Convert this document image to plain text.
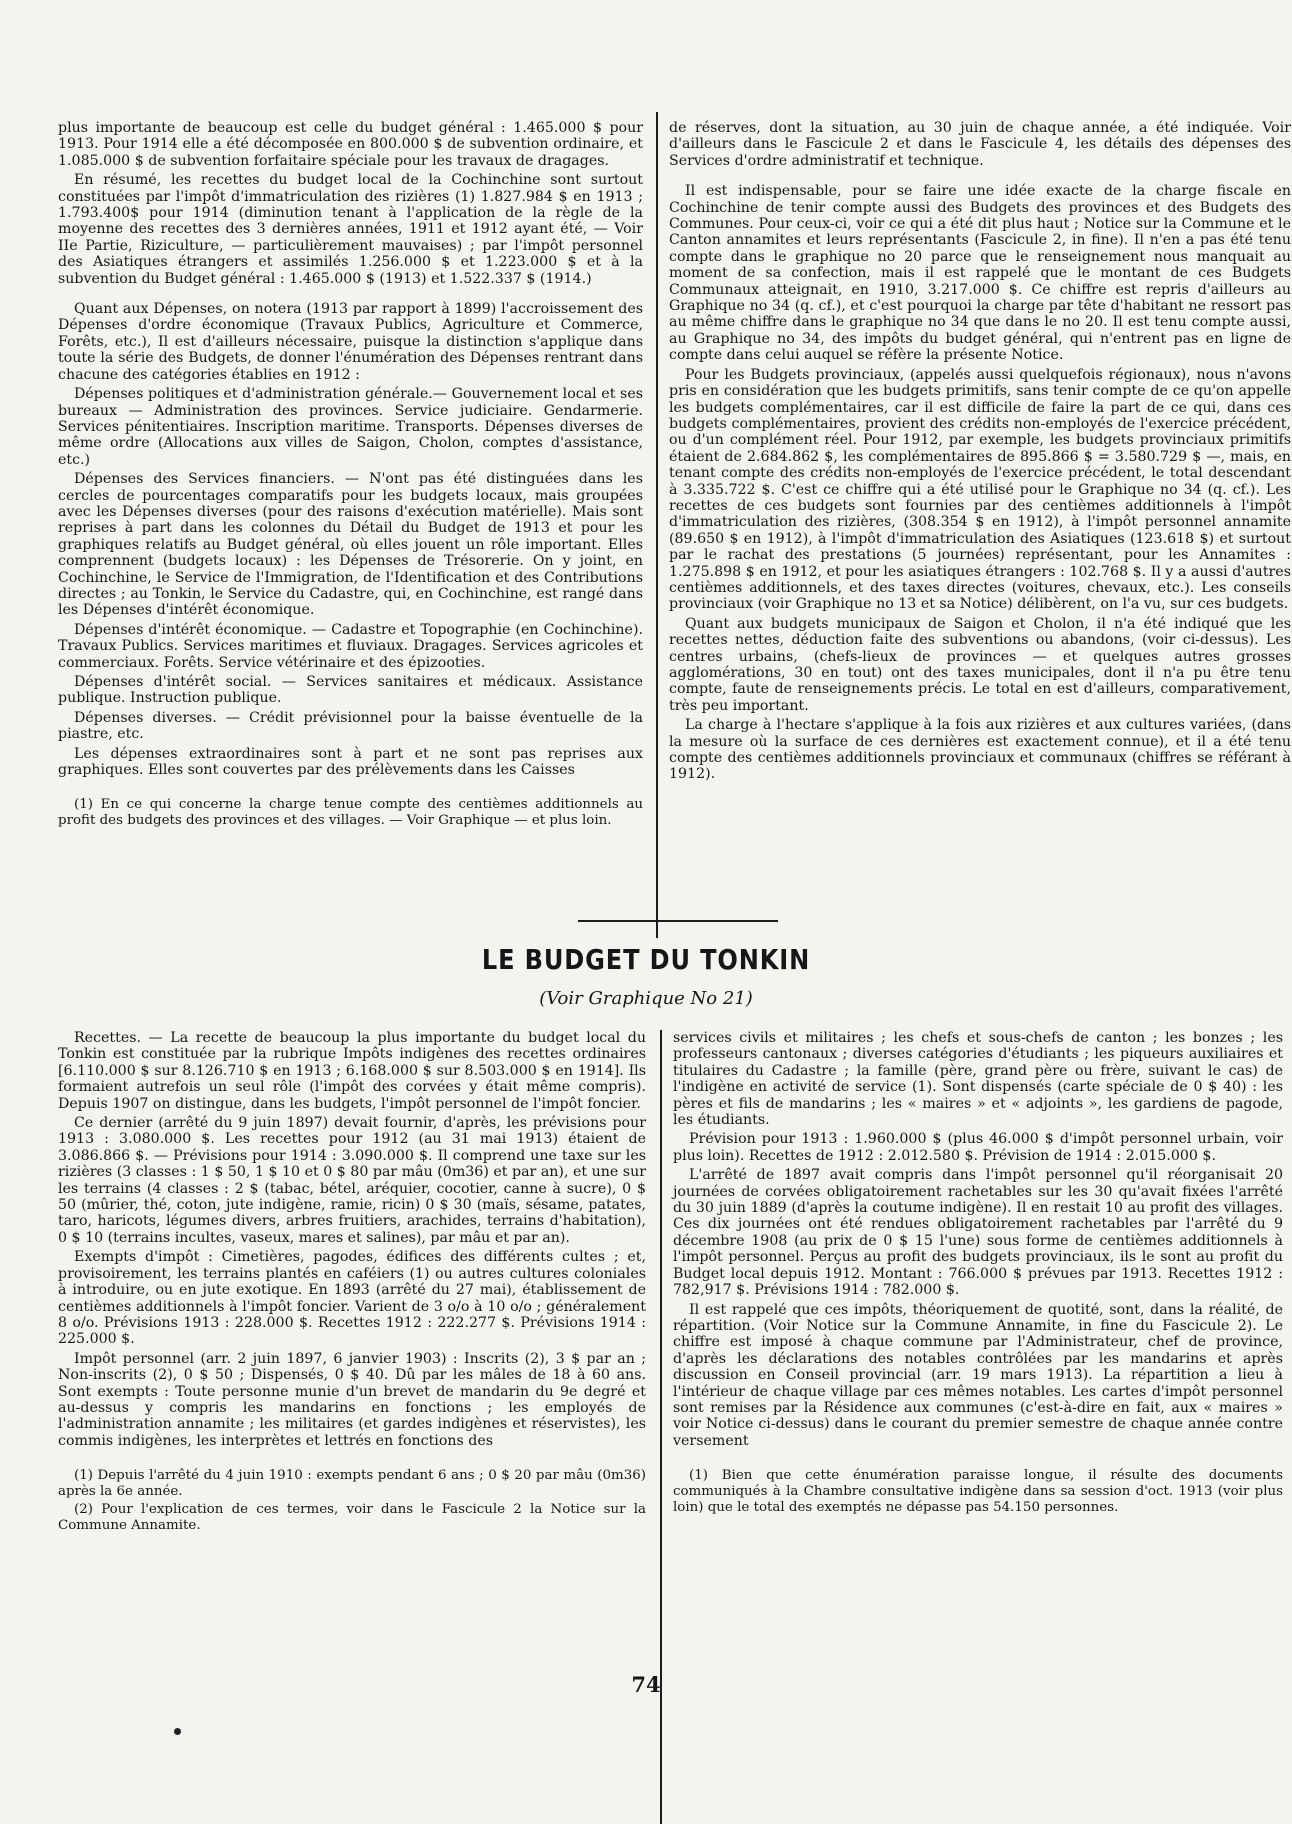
plus importante de beaucoup est celle du budget général : 1.465.000 $ pour 1913. Pour 1914 elle a été décomposée en 800.000 $ de subvention ordinaire, et 1.085.000 $ de subvention forfaitaire spéciale pour les travaux de dragages.

En résumé, les recettes du budget local de la Cochinchine sont surtout constituées par l'impôt d'immatriculation des rizières (1) 1.827.984 $ en 1913 ; 1.793.400$ pour 1914 (diminution tenant à l'application de la règle de la moyenne des recettes des 3 dernières années, 1911 et 1912 ayant été, — Voir IIe Partie, Riziculture, — particulièrement mauvaises) ; par l'impôt personnel des Asiatiques étrangers et assimilés 1.256.000 $ et 1.223.000 $ et à la subvention du Budget général : 1.465.000 $ (1913) et 1.522.337 $ (1914.)

Quant aux Dépenses, on notera (1913 par rapport à 1899) l'accroissement des Dépenses d'ordre économique (Travaux Publics, Agriculture et Commerce, Forêts, etc.), Il est d'ailleurs nécessaire, puisque la distinction s'applique dans toute la série des Budgets, de donner l'énumération des Dépenses rentrant dans chacune des catégories établies en 1912 :

Dépenses politiques et d'administration générale.— Gouvernement local et ses bureaux — Administration des provinces. Service judiciaire. Gendarmerie. Services pénitentiaires. Inscription maritime. Transports. Dépenses diverses de même ordre (Allocations aux villes de Saigon, Cholon, comptes d'assistance, etc.)

Dépenses des Services financiers. — N'ont pas été distinguées dans les cercles de pourcentages comparatifs pour les budgets locaux, mais groupées avec les Dépenses diverses (pour des raisons d'exécution matérielle). Mais sont reprises à part dans les colonnes du Détail du Budget de 1913 et pour les graphiques relatifs au Budget général, où elles jouent un rôle important. Elles comprennent (budgets locaux) : les Dépenses de Trésorerie. On y joint, en Cochinchine, le Service de l'Immigration, de l'Identification et des Contributions directes ; au Tonkin, le Service du Cadastre, qui, en Cochinchine, est rangé dans les Dépenses d'intérêt économique.

Dépenses d'intérêt économique. — Cadastre et Topographie (en Cochinchine). Travaux Publics. Services maritimes et fluviaux. Dragages. Services agricoles et commerciaux. Forêts. Service vétérinaire et des épizooties.

Dépenses d'intérêt social. — Services sanitaires et médicaux. Assistance publique. Instruction publique.

Dépenses diverses. — Crédit prévisionnel pour la baisse éventuelle de la piastre, etc.

Les dépenses extraordinaires sont à part et ne sont pas reprises aux graphiques. Elles sont couvertes par des prélèvements dans les Caisses

(1) En ce qui concerne la charge tenue compte des centièmes additionnels au profit des budgets des provinces et des villages. — Voir Graphique — et plus loin.

de réserves, dont la situation, au 30 juin de chaque année, a été indiquée. Voir d'ailleurs dans le Fascicule 2 et dans le Fascicule 4, les détails des dépenses des Services d'ordre administratif et technique.

Il est indispensable, pour se faire une idée exacte de la charge fiscale en Cochinchine de tenir compte aussi des Budgets des provinces et des Budgets des Communes. Pour ceux-ci, voir ce qui a été dit plus haut ; Notice sur la Commune et le Canton annamites et leurs représentants (Fascicule 2, in fine). Il n'en a pas été tenu compte dans le graphique no 20 parce que le renseignement nous manquait au moment de sa confection, mais il est rappelé que le montant de ces Budgets Communaux atteignait, en 1910, 3.217.000 $. Ce chiffre est repris d'ailleurs au Graphique no 34 (q. cf.), et c'est pourquoi la charge par tête d'habitant ne ressort pas au même chiffre dans le graphique no 34 que dans le no 20. Il est tenu compte aussi, au Graphique no 34, des impôts du budget général, qui n'entrent pas en ligne de compte dans celui auquel se réfère la présente Notice.

Pour les Budgets provinciaux, (appelés aussi quelquefois régionaux), nous n'avons pris en considération que les budgets primitifs, sans tenir compte de ce qu'on appelle les budgets complémentaires, car il est difficile de faire la part de ce qui, dans ces budgets complémentaires, provient des crédits non-employés de l'exercice précédent, ou d'un complément réel. Pour 1912, par exemple, les budgets provinciaux primitifs étaient de 2.684.862 $, les complémentaires de 895.866 $ = 3.580.729 $ —, mais, en tenant compte des crédits non-employés de l'exercice précédent, le total descendant à 3.335.722 $. C'est ce chiffre qui a été utilisé pour le Graphique no 34 (q. cf.). Les recettes de ces budgets sont fournies par des centièmes additionnels à l'impôt d'immatriculation des rizières, (308.354 $ en 1912), à l'impôt personnel annamite (89.650 $ en 1912), à l'impôt d'immatriculation des Asiatiques (123.618 $) et surtout par le rachat des prestations (5 journées) représentant, pour les Annamites : 1.275.898 $ en 1912, et pour les asiatiques étrangers : 102.768 $. Il y a aussi d'autres centièmes additionnels, et des taxes directes (voitures, chevaux, etc.). Les conseils provinciaux (voir Graphique no 13 et sa Notice) délibèrent, on l'a vu, sur ces budgets.

Quant aux budgets municipaux de Saigon et Cholon, il n'a été indiqué que les recettes nettes, déduction faite des subventions ou abandons, (voir ci-dessus). Les centres urbains, (chefs-lieux de provinces — et quelques autres grosses agglomérations, 30 en tout) ont des taxes municipales, dont il n'a pu être tenu compte, faute de renseignements précis. Le total en est d'ailleurs, comparativement, très peu important.

La charge à l'hectare s'applique à la fois aux rizières et aux cultures variées, (dans la mesure où la surface de ces dernières est exactement connue), et il a été tenu compte des centièmes additionnels provinciaux et communaux (chiffres se référant à 1912).

LE BUDGET DU TONKIN
(Voir Graphique No 21)

Recettes. — La recette de beaucoup la plus importante du budget local du Tonkin est constituée par la rubrique Impôts indigènes des recettes ordinaires [6.110.000 $ sur 8.126.710 $ en 1913 ; 6.168.000 $ sur 8.503.000 $ en 1914]. Ils formaient autrefois un seul rôle (l'impôt des corvées y était même compris). Depuis 1907 on distingue, dans les budgets, l'impôt personnel de l'impôt foncier.

Ce dernier (arrêté du 9 juin 1897) devait fournir, d'après, les prévisions pour 1913 : 3.080.000 $. Les recettes pour 1912 (au 31 mai 1913) étaient de 3.086.866 $. — Prévisions pour 1914 : 3.090.000 $. Il comprend une taxe sur les rizières (3 classes : 1 $ 50, 1 $ 10 et 0 $ 80 par mâu (0m36) et par an), et une sur les terrains (4 classes : 2 $ (tabac, bétel, aréquier, cocotier, canne à sucre), 0 $ 50 (mûrier, thé, coton, jute indigène, ramie, ricin) 0 $ 30 (maïs, sésame, patates, taro, haricots, légumes divers, arbres fruitiers, arachides, terrains d'habitation), 0 $ 10 (terrains incultes, vaseux, mares et salines), par mâu et par an).

Exempts d'impôt : Cimetières, pagodes, édifices des différents cultes ; et, provisoirement, les terrains plantés en caféiers (1) ou autres cultures coloniales à introduire, ou en jute exotique. En 1893 (arrêté du 27 mai), établissement de centièmes additionnels à l'impôt foncier. Varient de 3 o/o à 10 o/o ; généralement 8 o/o. Prévisions 1913 : 228.000 $. Recettes 1912 : 222.277 $. Prévisions 1914 : 225.000 $.

Impôt personnel (arr. 2 juin 1897, 6 janvier 1903) : Inscrits (2), 3 $ par an ; Non-inscrits (2), 0 $ 50 ; Dispensés, 0 $ 40. Dû par les mâles de 18 à 60 ans. Sont exempts : Toute personne munie d'un brevet de mandarin du 9e degré et au-dessus y compris les mandarins en fonctions ; les employés de l'administration annamite ; les militaires (et gardes indigènes et réservistes), les commis indigènes, les interprètes et lettrés en fonctions des

(1) Depuis l'arrêté du 4 juin 1910 : exempts pendant 6 ans ; 0 $ 20 par mâu (0m36) après la 6e année.

(2) Pour l'explication de ces termes, voir dans le Fascicule 2 la Notice sur la Commune Annamite.

services civils et militaires ; les chefs et sous-chefs de canton ; les bonzes ; les professeurs cantonaux ; diverses catégories d'étudiants ; les piqueurs auxiliaires et titulaires du Cadastre ; la famille (père, grand père ou frère, suivant le cas) de l'indigène en activité de service (1). Sont dispensés (carte spéciale de 0 $ 40) : les pères et fils de mandarins ; les « maires » et « adjoints », les gardiens de pagode, les étudiants.

Prévision pour 1913 : 1.960.000 $ (plus 46.000 $ d'impôt personnel urbain, voir plus loin). Recettes de 1912 : 2.012.580 $. Prévision de 1914 : 2.015.000 $.

L'arrêté de 1897 avait compris dans l'impôt personnel qu'il réorganisait 20 journées de corvées obligatoirement rachetables sur les 30 qu'avait fixées l'arrêté du 30 juin 1889 (d'après la coutume indigène). Il en restait 10 au profit des villages. Ces dix journées ont été rendues obligatoirement rachetables par l'arrêté du 9 décembre 1908 (au prix de 0 $ 15 l'une) sous forme de centièmes additionnels à l'impôt personnel. Perçus au profit des budgets provinciaux, ils le sont au profit du Budget local depuis 1912. Montant : 766.000 $ prévues par 1913. Recettes 1912 : 782,917 $. Prévisions 1914 : 782.000 $.

Il est rappelé que ces impôts, théoriquement de quotité, sont, dans la réalité, de répartition. (Voir Notice sur la Commune Annamite, in fine du Fascicule 2). Le chiffre est imposé à chaque commune par l'Administrateur, chef de province, d'après les déclarations des notables contrôlées par les mandarins et après discussion en Conseil provincial (arr. 19 mars 1913). La répartition a lieu à l'intérieur de chaque village par ces mêmes notables. Les cartes d'impôt personnel sont remises par la Résidence aux communes (c'est-à-dire en fait, aux « maires » voir Notice ci-dessus) dans le courant du premier semestre de chaque année contre versement

(1) Bien que cette énumération paraisse longue, il résulte des documents communiqués à la Chambre consultative indigène dans sa session d'oct. 1913 (voir plus loin) que le total des exemptés ne dépasse pas 54.150 personnes.

74
